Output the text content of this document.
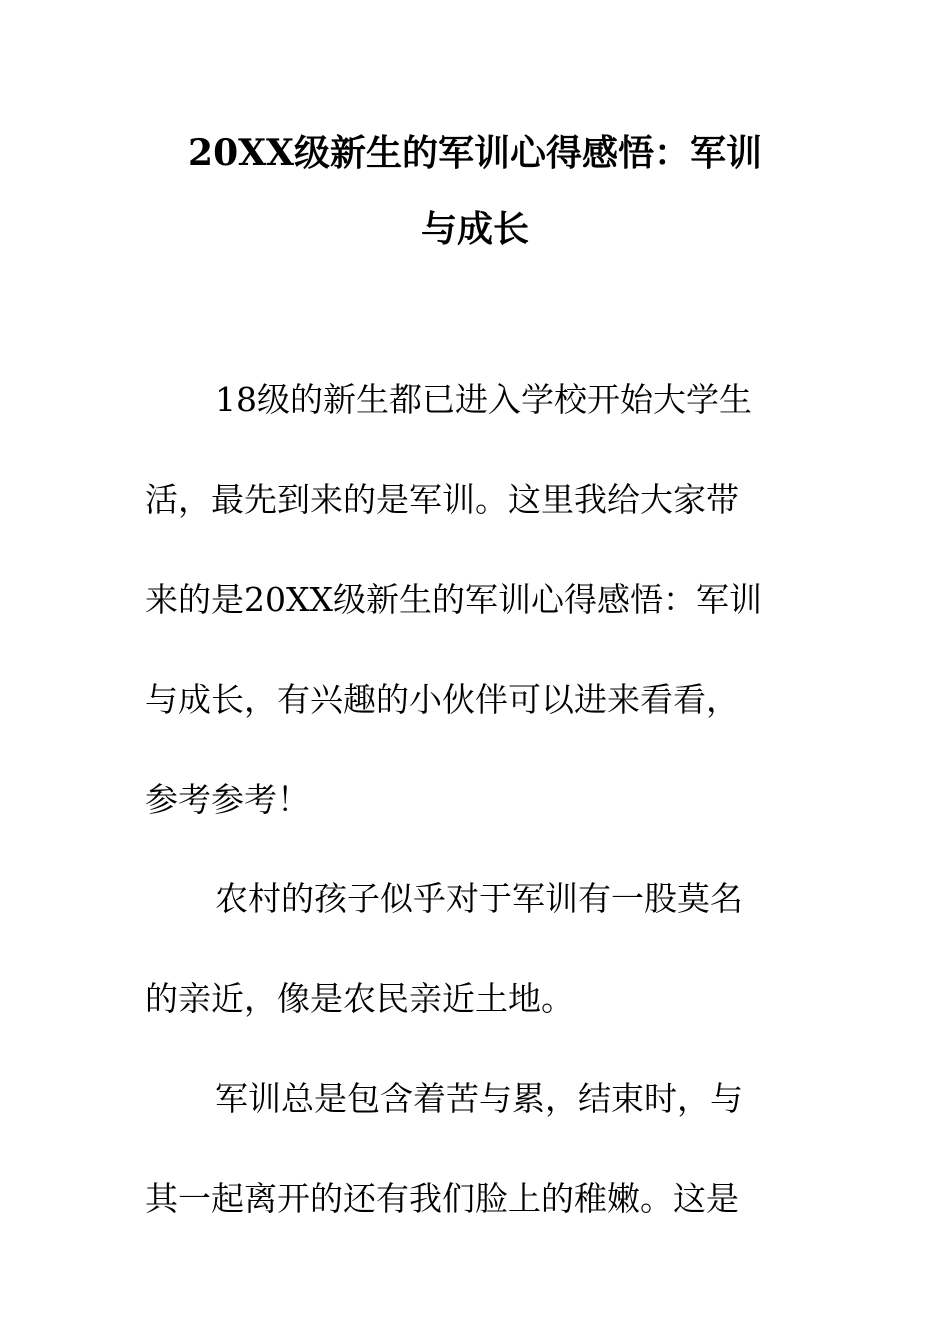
20XX级新生的军训心得感悟：军训
与成长
18级的新生都已进入学校开始大学生
活，最先到来的是军训。这里我给大家带
来的是20XX级新生的军训心得感悟：军训
与成长，有兴趣的小伙伴可以进来看看，
参考参考！
农村的孩子似乎对于军训有一股莫名
的亲近，像是农民亲近土地。
军训总是包含着苦与累，结束时，与
其一起离开的还有我们脸上的稚嫩。这是
